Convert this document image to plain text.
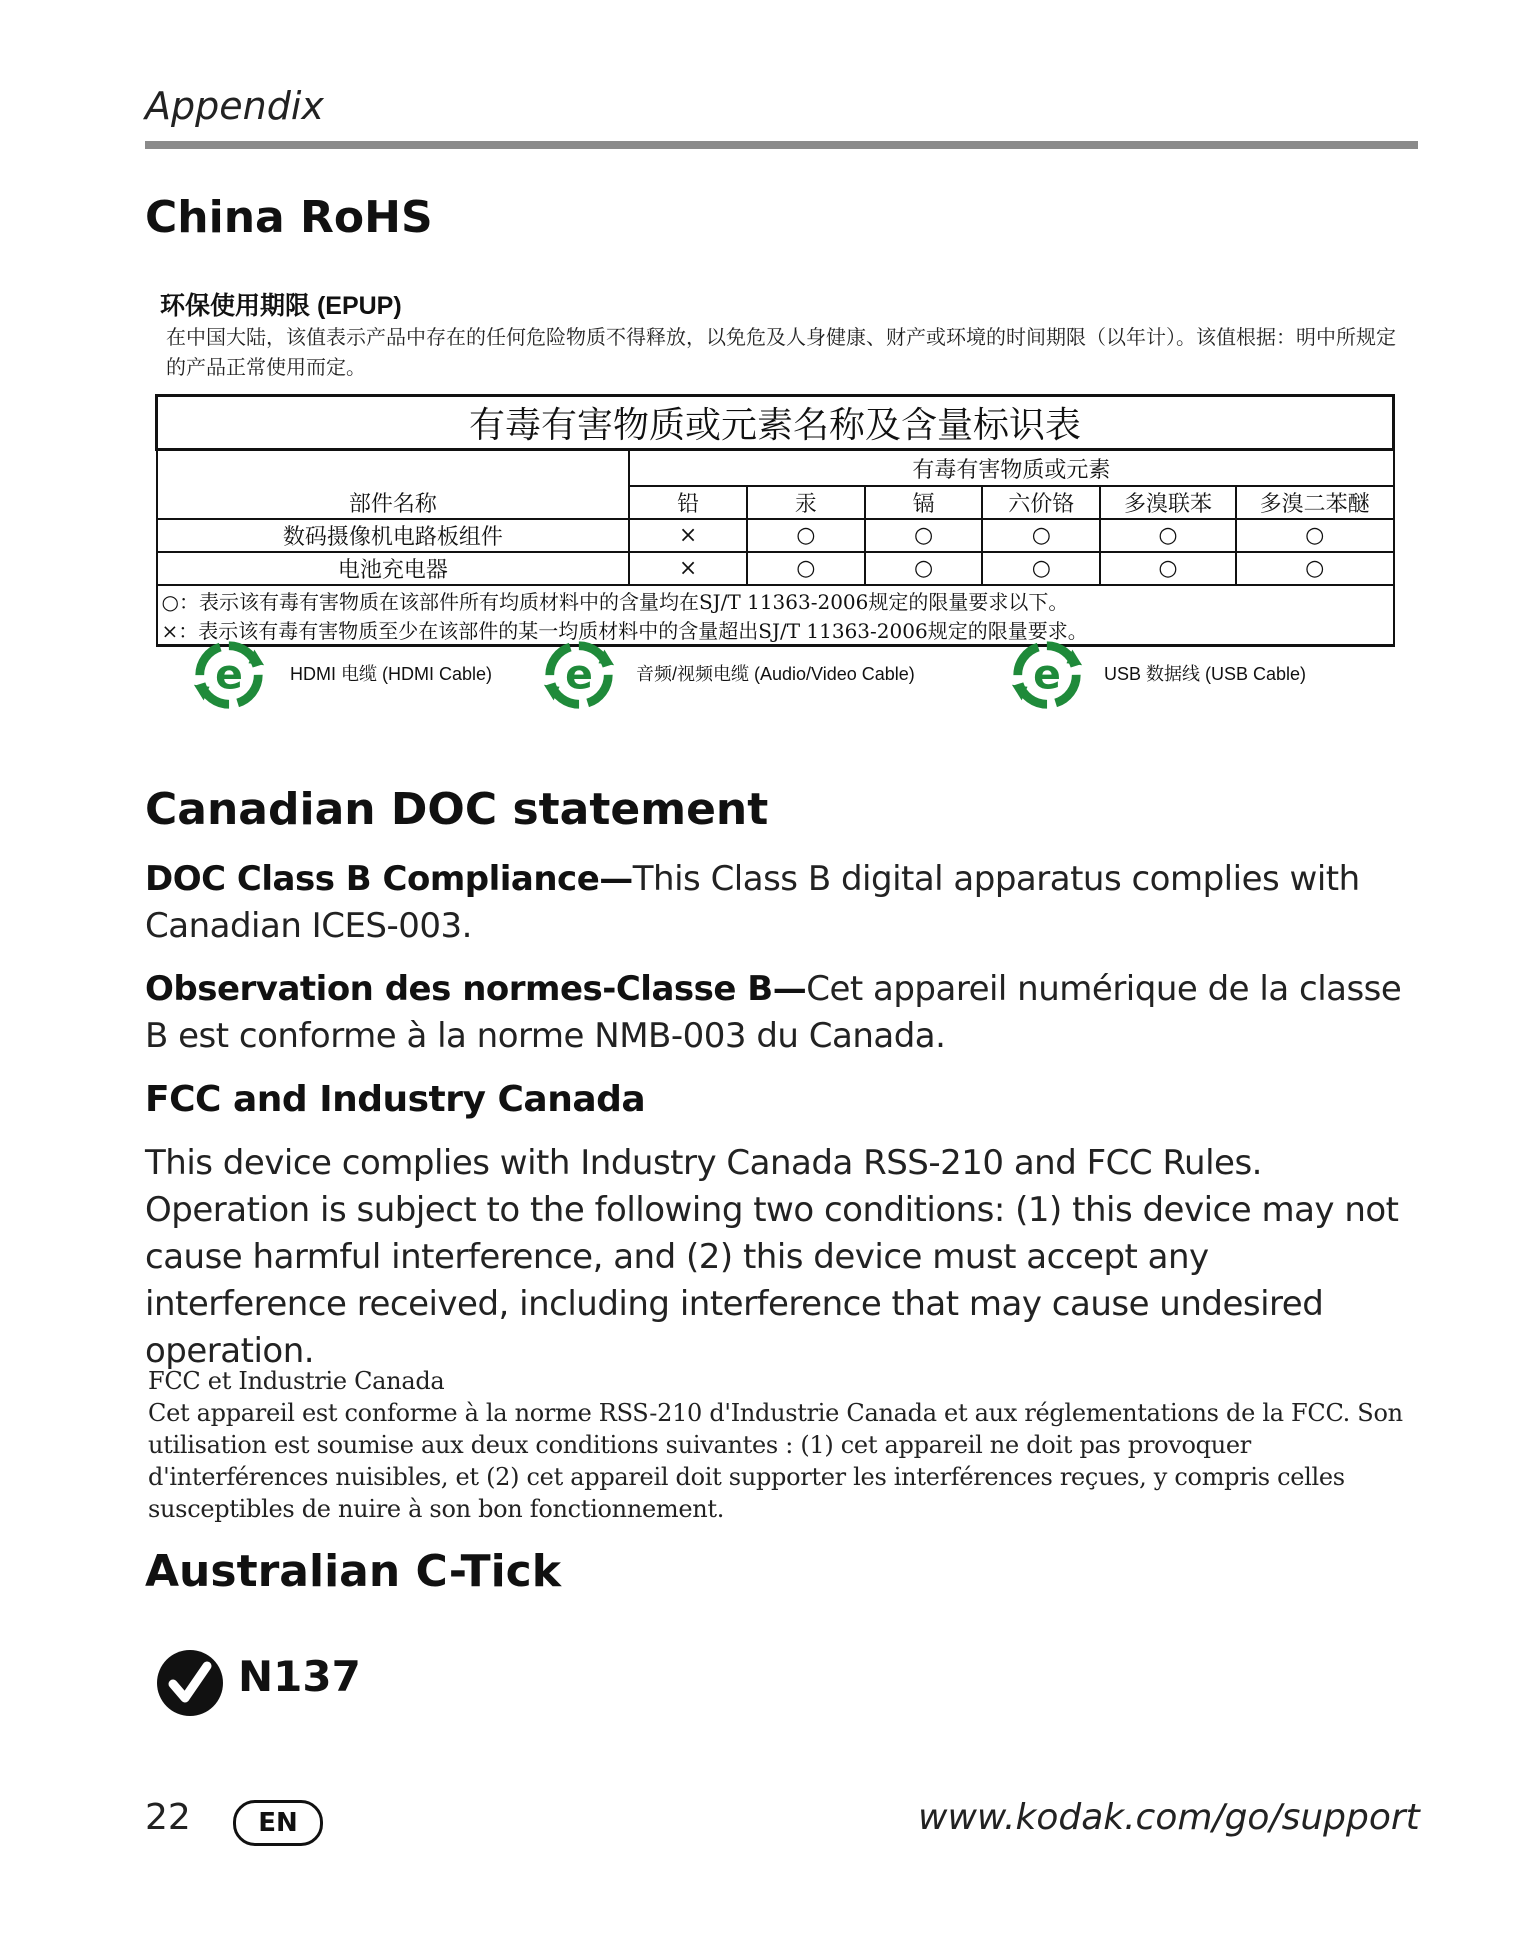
Appendix
China RoHS
环保使用期限 (EPUP)
在中国大陆，该值表示产品中存在的任何危险物质不得释放，以免危及人身健康、财产或环境的时间期限（以年计）。该值根据：明中所规定的产品正常使用而定。
有毒有害物质或元素名称及含量标识表						
部件名称	有毒有害物质或元素					
	铅	汞	镉	六价铬	多溴联苯	多溴二苯醚
数码摄像机电路板组件	×	○	○	○	○	○
电池充电器	×	○	○	○	○	○
○：表示该有毒有害物质在该部件所有均质材料中的含量均在SJ/T 11363-2006规定的限量要求以下。						
×：表示该有毒有害物质至少在该部件的某一均质材料中的含量超出SJ/T 11363-2006规定的限量要求。						
e	HDMI 电缆 (HDMI Cable) e 音频/视频电缆 (Audio/Video Cable)	e USB 数据线 (USB Cable)
Canadian DOC statement
DOC Class B Compliance—This Class B digital apparatus complies with Canadian ICES-003.
Observation des normes-Classe B—Cet appareil numérique de la classe B est conforme à la norme NMB-003 du Canada.
FCC and Industry Canada
This device complies with Industry Canada RSS-210 and FCC Rules. Operation is subject to the following two conditions: (1) this device may not cause harmful interference, and (2) this device must accept any interference received, including interference that may cause undesired operation.
FCC et Industrie Canada
Cet appareil est conforme à la norme RSS-210 d'Industrie Canada et aux réglementations de la FCC. Son utilisation est soumise aux deux conditions suivantes : (1) cet appareil ne doit pas provoquer d'interférences nuisibles, et (2) cet appareil doit supporter les interférences reçues, y compris celles susceptibles de nuire à son bon fonctionnement.
Australian C-Tick
N137
22	EN	www.kodak.com/go/support
